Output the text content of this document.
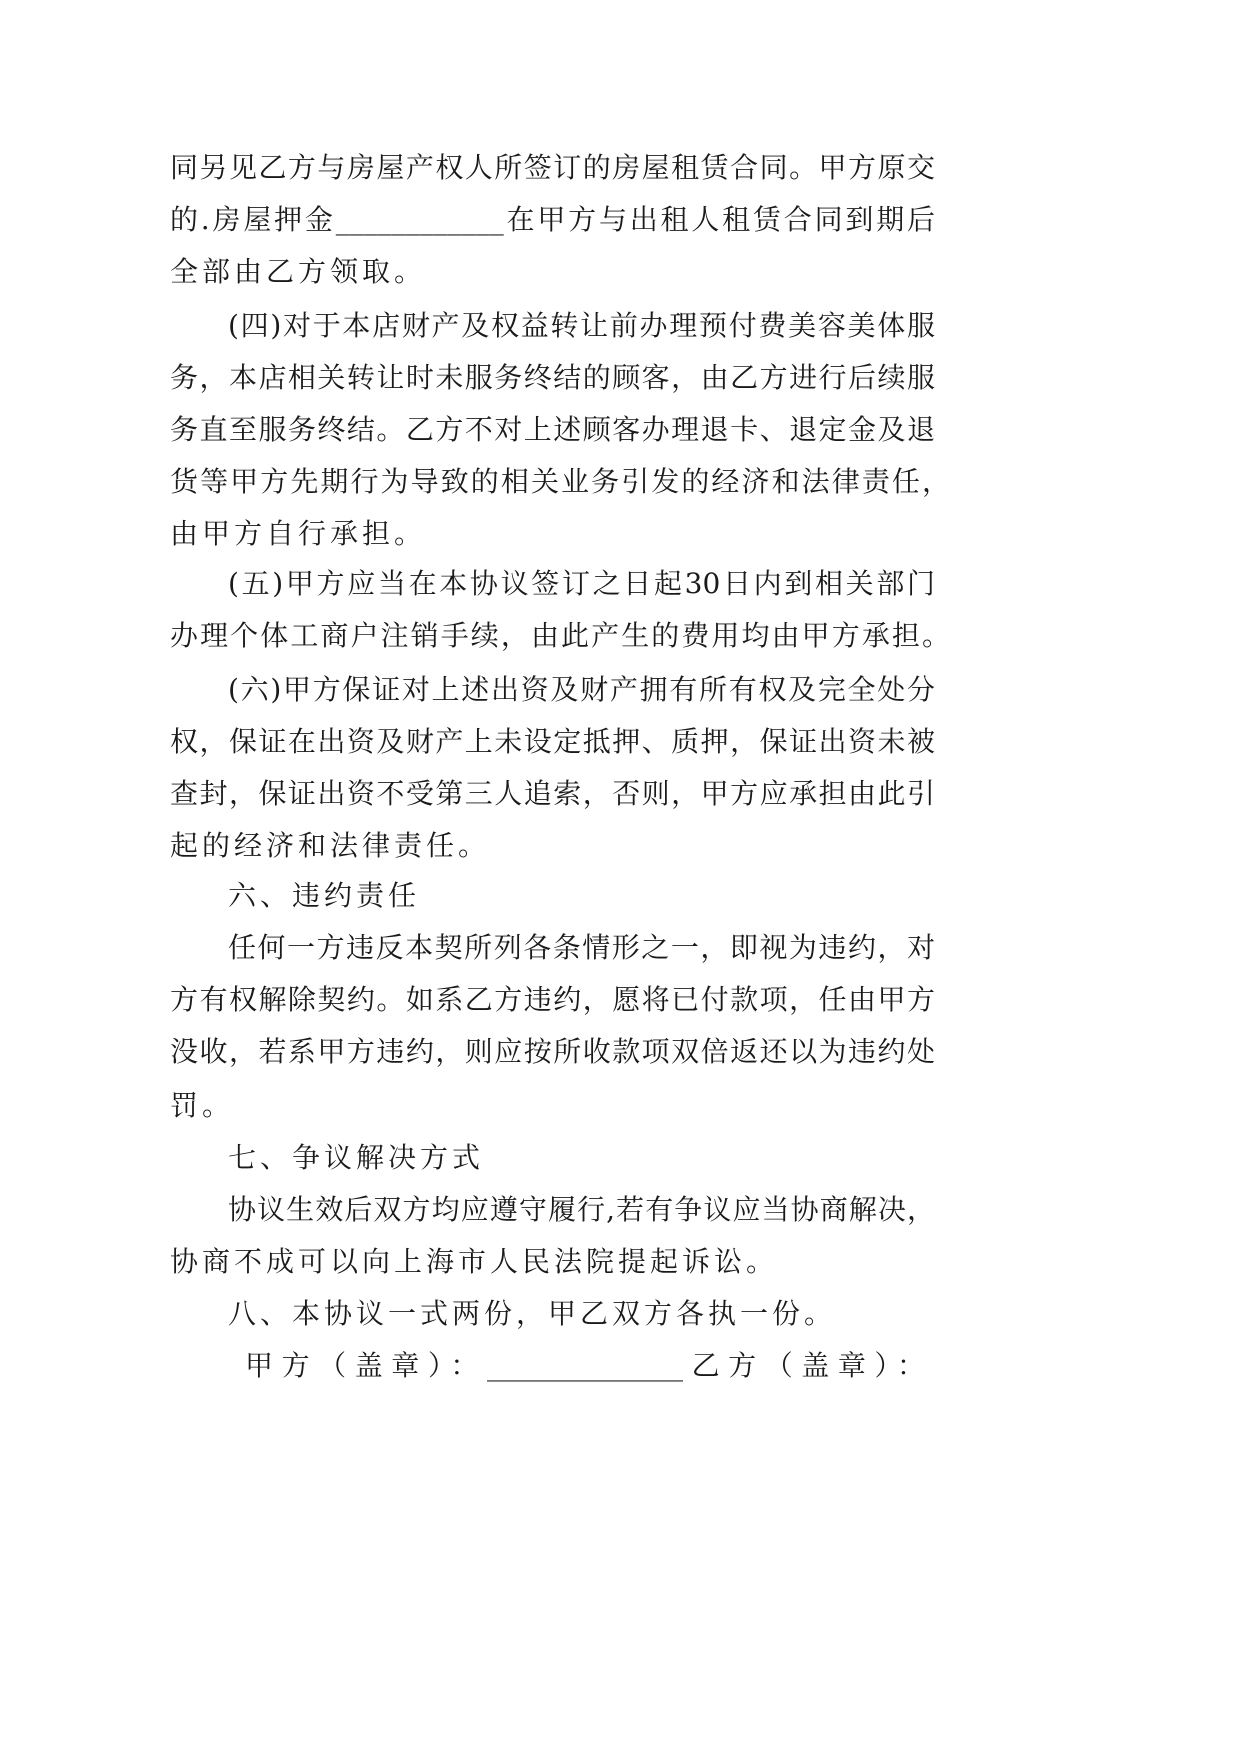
同另见乙方与房屋产权人所签订的房屋租赁合同。甲方原交
的.房屋押金____________在甲方与出租人租赁合同到期后
全部由乙方领取。
(四)对于本店财产及权益转让前办理预付费美容美体服
务，本店相关转让时未服务终结的顾客，由乙方进行后续服
务直至服务终结。乙方不对上述顾客办理退卡、退定金及退
货等甲方先期行为导致的相关业务引发的经济和法律责任，
由甲方自行承担。
(五)甲方应当在本协议签订之日起30日内到相关部门
办理个体工商户注销手续，由此产生的费用均由甲方承担。
(六)甲方保证对上述出资及财产拥有所有权及完全处分
权，保证在出资及财产上未设定抵押、质押，保证出资未被
查封，保证出资不受第三人追索，否则，甲方应承担由此引
起的经济和法律责任。
六、违约责任
任何一方违反本契所列各条情形之一，即视为违约，对
方有权解除契约。如系乙方违约，愿将已付款项，任由甲方
没收，若系甲方违约，则应按所收款项双倍返还以为违约处
罚。
七、争议解决方式
协议生效后双方均应遵守履行,若有争议应当协商解决，
协商不成可以向上海市人民法院提起诉讼。
八、本协议一式两份，甲乙双方各执一份。
甲方（盖章）：______________乙方（盖章）：
